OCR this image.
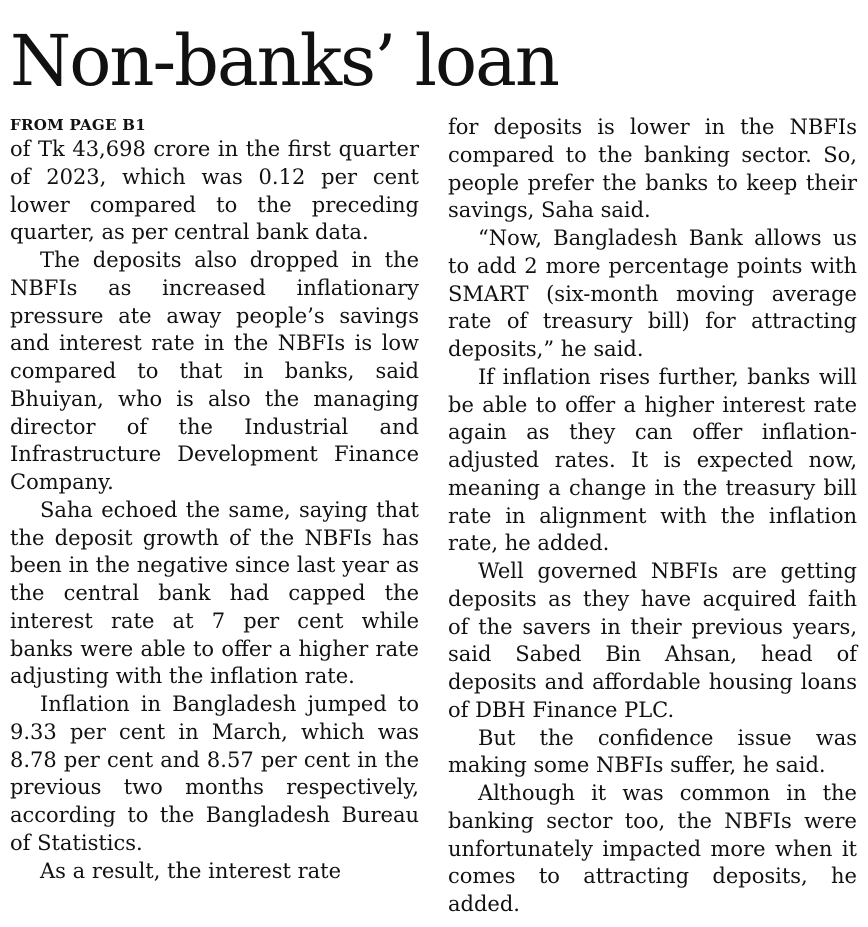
Non-banks’ loan
FROM PAGE B1

of Tk 43,698 crore in the first quarter of 2023, which was 0.12 per cent lower compared to the preceding quarter, as per central bank data.

The deposits also dropped in the NBFIs as increased inflationary pressure ate away people’s savings and interest rate in the NBFIs is low compared to that in banks, said Bhuiyan, who is also the managing director of the Industrial and Infrastructure Development Finance Company.

Saha echoed the same, saying that the deposit growth of the NBFIs has been in the negative since last year as the central bank had capped the interest rate at 7 per cent while banks were able to offer a higher rate adjusting with the inflation rate.

Inflation in Bangladesh jumped to 9.33 per cent in March, which was 8.78 per cent and 8.57 per cent in the previous two months respectively, according to the Bangladesh Bureau of Statistics.

As a result, the interest rate

for deposits is lower in the NBFIs compared to the banking sector. So, people prefer the banks to keep their savings, Saha said.

“Now, Bangladesh Bank allows us to add 2 more percentage points with SMART (six-month moving average rate of treasury bill) for attracting deposits,” he said.

If inflation rises further, banks will be able to offer a higher interest rate again as they can offer inflation-adjusted rates. It is expected now, meaning a change in the treasury bill rate in alignment with the inflation rate, he added.

Well governed NBFIs are getting deposits as they have acquired faith of the savers in their previous years, said Sabed Bin Ahsan, head of deposits and affordable housing loans of DBH Finance PLC.

But the confidence issue was making some NBFIs suffer, he said.

Although it was common in the banking sector too, the NBFIs were unfortunately impacted more when it comes to attracting deposits, he added.
